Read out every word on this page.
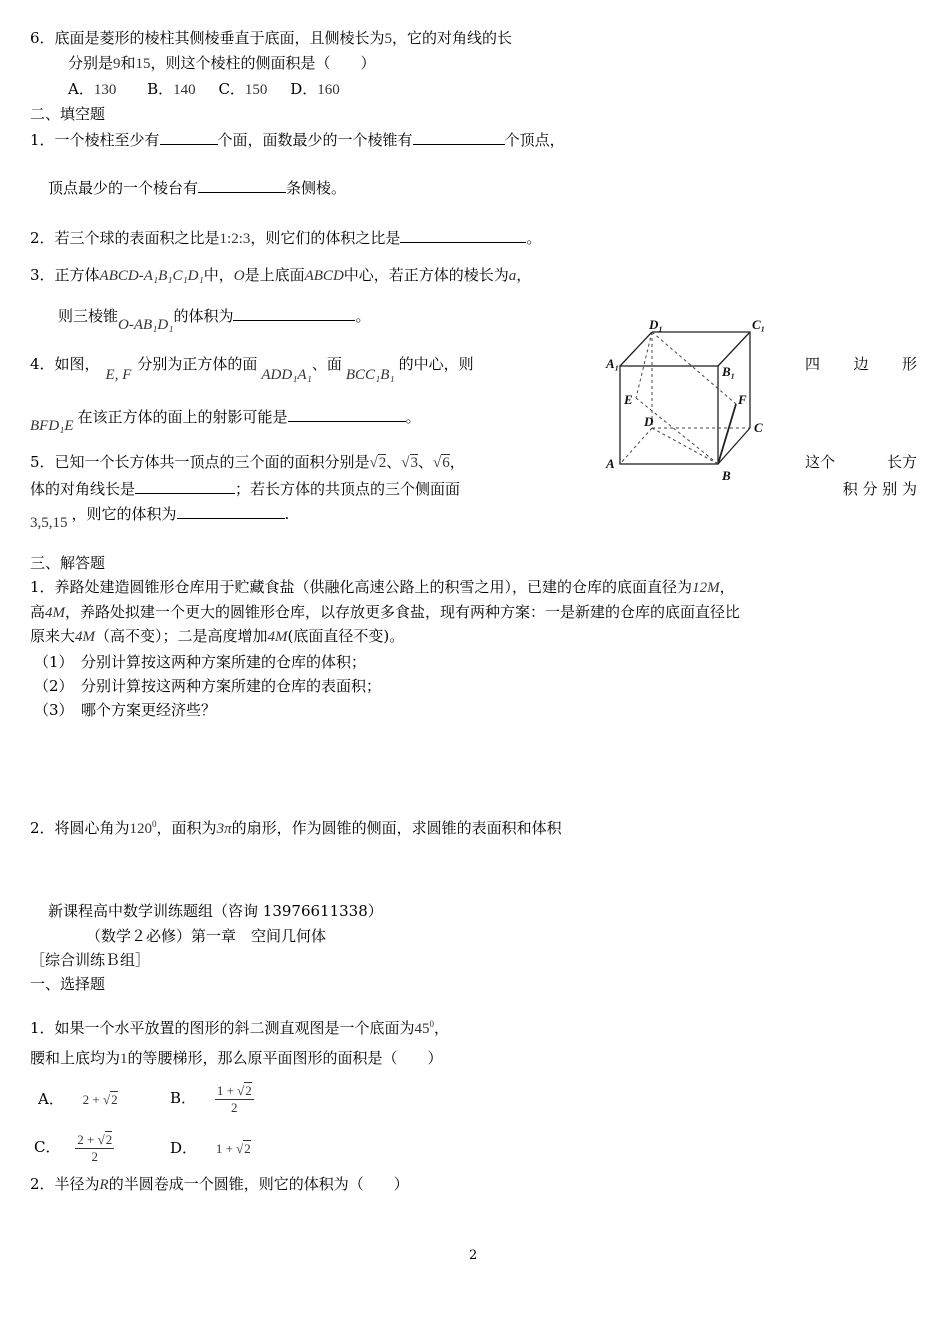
6．底面是菱形的棱柱其侧棱垂直于底面，且侧棱长为5，它的对角线的长
分别是9和15，则这个棱柱的侧面积是（　　）
A．130 B．140 C．150 D．160
二、填空题
1．一个棱柱至少有	个面，面数最少的一个棱锥有	个顶点，
顶点最少的一个棱台有	条侧棱。
2．若三个球的表面积之比是1:2:3，则它们的体积之比是	。
3．正方体ABCD-A₁B₁C₁D₁中，O是上底面ABCD中心，若正方体的棱长为a，
则三棱锥O-AB₁D₁的体积为	。
4．如图，E, F分别为正方体的面ADD₁A₁、面BCC₁B₁的中心，则	四 边 形
BFD₁E 在该正方体的面上的射影可能是	。
5．已知一个长方体共一顶点的三个面的面积分别是√2、√3、√6，	这个	长方
体的对角线长是	；若长方体的共顶点的三个侧面面	积 分 别 为
3,5,15 ，则它的体积为	.
D₁	C₁
A₁
B₁
E	F
D	C
A
B
三、解答题
1．养路处建造圆锥形仓库用于贮藏食盐（供融化高速公路上的积雪之用），已建的仓库的底面直径为12M，
高4M，养路处拟建一个更大的圆锥形仓库，以存放更多食盐，现有两种方案：一是新建的仓库的底面直径比
原来大4M（高不变）；二是高度增加4M(底面直径不变)。
（1）　分别计算按这两种方案所建的仓库的体积；
（2）　分别计算按这两种方案所建的仓库的表面积；
（3）　哪个方案更经济些？
2．将圆心角为$120^0$，面积为3π的扇形，作为圆锥的侧面，求圆锥的表面积和体积
新课程高中数学训练题组（咨询 13976611338）
（数学２必修）第一章　空间几何体
［综合训练Ｂ组］
一、选择题
1．如果一个水平放置的图形的斜二测直观图是一个底面为$45^0$，
腰和上底均为1的等腰梯形，那么原平面图形的面积是（　　）
A． 2 + √2	B． $\frac{1 + √2}{2}$
C． $\frac{2 + √2}{2}$	D． 1 + √2
2．半径为R的半圆卷成一个圆锥，则它的体积为（　　）
2
